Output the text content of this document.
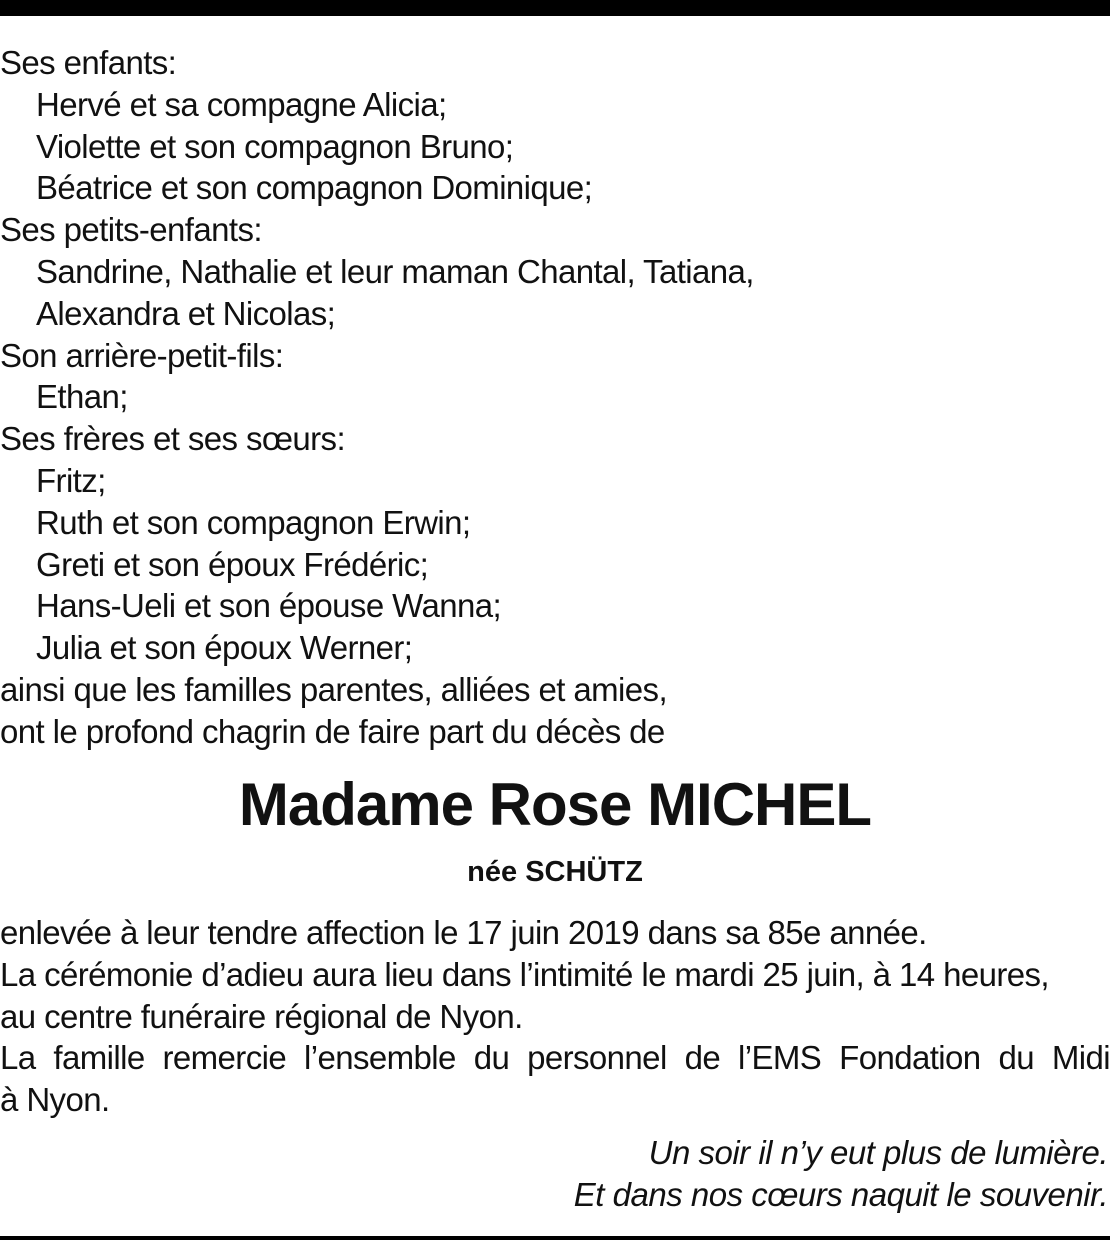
Ses enfants:
Hervé et sa compagne Alicia;
Violette et son compagnon Bruno;
Béatrice et son compagnon Dominique;
Ses petits-enfants:
Sandrine, Nathalie et leur maman Chantal, Tatiana,
Alexandra et Nicolas;
Son arrière-petit-fils:
Ethan;
Ses frères et ses sœurs:
Fritz;
Ruth et son compagnon Erwin;
Greti et son époux Frédéric;
Hans-Ueli et son épouse Wanna;
Julia et son époux Werner;
ainsi que les familles parentes, alliées et amies,
ont le profond chagrin de faire part du décès de
Madame Rose MICHEL
née SCHÜTZ
enlevée à leur tendre affection le 17 juin 2019 dans sa 85e année.
La cérémonie d’adieu aura lieu dans l’intimité le mardi 25 juin, à 14 heures,
au centre funéraire régional de Nyon.
La famille remercie l’ensemble du personnel de l’EMS Fondation du Midi
à Nyon.
Un soir il n’y eut plus de lumière.
Et dans nos cœurs naquit le souvenir.
